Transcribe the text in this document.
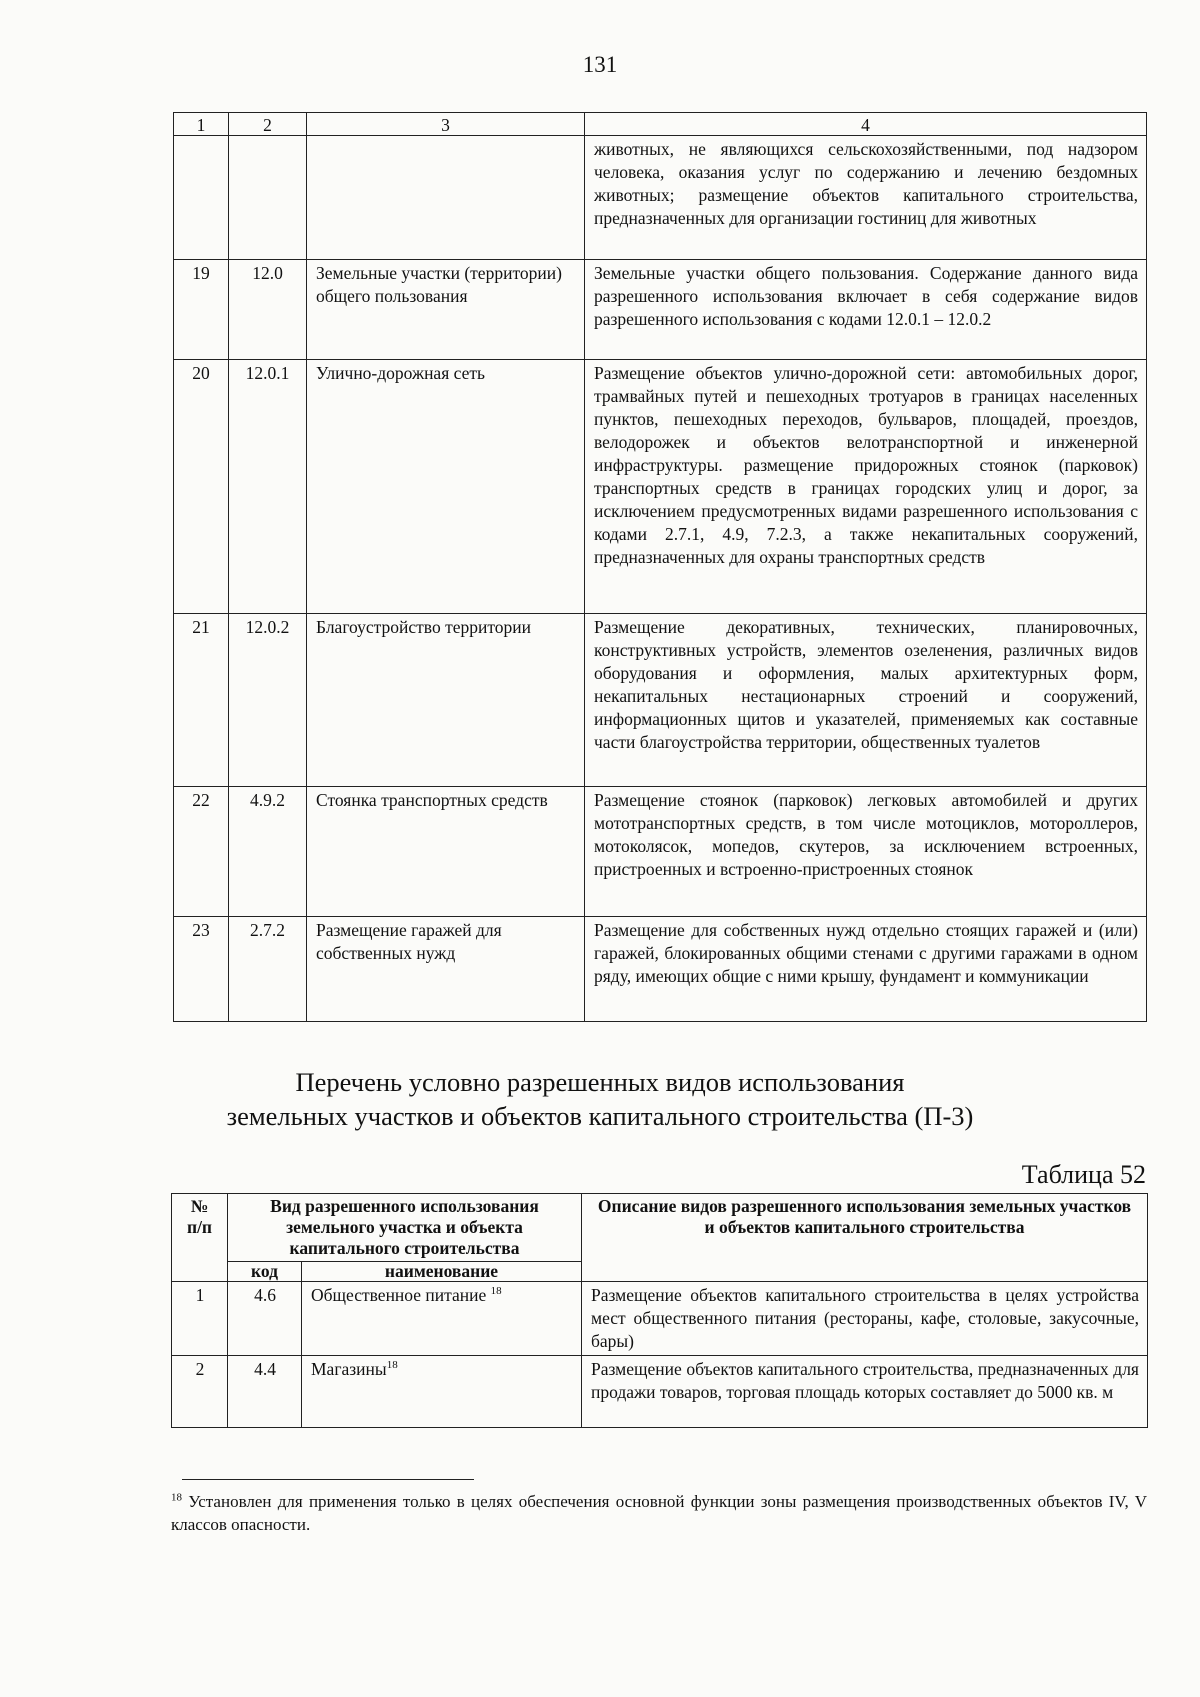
131
1	2	3	4
			животных, не являющихся сельскохозяйственными, под надзором человека, оказания услуг по содержанию и лечению бездомных животных; размещение объектов капитального строительства, предназначенных для организации гостиниц для животных
19	12.0	Земельные участки (территории) общего пользования	Земельные участки общего пользования. Содержание данного вида разрешенного использования включает в себя содержание видов разрешенного использования с кодами 12.0.1 – 12.0.2
20	12.0.1	Улично-дорожная сеть	Размещение объектов улично-дорожной сети: автомобильных дорог, трамвайных путей и пешеходных тротуаров в границах населенных пунктов, пешеходных переходов, бульваров, площадей, проездов, велодорожек и объектов велотранспортной и инженерной инфраструктуры. размещение придорожных стоянок (парковок) транспортных средств в границах городских улиц и дорог, за исключением предусмотренных видами разрешенного использования с кодами 2.7.1, 4.9, 7.2.3, а также некапитальных сооружений, предназначенных для охраны транспортных средств
21	12.0.2	Благоустройство территории	Размещение декоративных, технических, планировочных, конструктивных устройств, элементов озеленения, различных видов оборудования и оформления, малых архитектурных форм, некапитальных нестационарных строений и сооружений, информационных щитов и указателей, применяемых как составные части благоустройства территории, общественных туалетов
22	4.9.2	Стоянка транспортных средств	Размещение стоянок (парковок) легковых автомобилей и других мототранспортных средств, в том числе мотоциклов, мотороллеров, мотоколясок, мопедов, скутеров, за исключением встроенных, пристроенных и встроенно-пристроенных стоянок
23	2.7.2	Размещение гаражей для собственных нужд	Размещение для собственных нужд отдельно стоящих гаражей и (или) гаражей, блокированных общими стенами с другими гаражами в одном ряду, имеющих общие с ними крышу, фундамент и коммуникации
Перечень условно разрешенных видов использования
земельных участков и объектов капитального строительства (П-3)
Таблица 52
№ п/п	Вид разрешенного использования земельного участка и объекта капитального строительства		Описание видов разрешенного использования земельных участков и объектов капитального строительства
	код	наименование	
1	4.6	Общественное питание $^{18}$	Размещение объектов капитального строительства в целях устройства мест общественного питания (рестораны, кафе, столовые, закусочные, бары)
2	4.4	Магазины$^{18}$	Размещение объектов капитального строительства, предназначенных для продажи товаров, торговая площадь которых составляет до 5000 кв. м
$^{18}$ Установлен для применения только в целях обеспечения основной функции зоны размещения производственных объектов IV, V классов опасности.
